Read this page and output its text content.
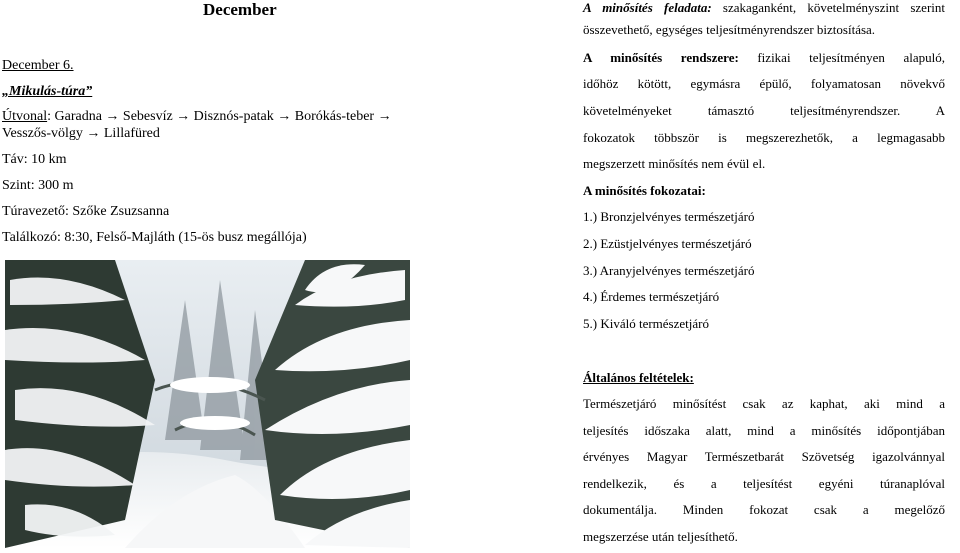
December
December 6.
„Mikulás-túra”
Útvonal: Garadna → Sebesvíz → Disznós-patak → Borókás-teber →
Vesszős-völgy → Lillafüred
Táv: 10 km
Szint: 300 m
Túravezető: Szőke Zsuzsanna
Találkozó: 8:30, Felső-Majláth (15-ös busz megállója)
A minősítés feladata: szakaganként, követelményszint szerint
összevethető, egységes teljesítményrendszer biztosítása.
A minősítés rendszere: fizikai teljesítményen alapuló,
időhöz kötött, egymásra épülő, folyamatosan növekvő
követelményeket támasztó teljesítményrendszer. A
fokozatok többször is megszerezhetők, a legmagasabb
megszerzett minősítés nem évül el.
A minősítés fokozatai:
1.) Bronzjelvényes természetjáró
2.) Ezüstjelvényes természetjáró
3.) Aranyjelvényes természetjáró
4.) Érdemes természetjáró
5.) Kiváló természetjáró
Általános feltételek:
Természetjáró minősítést csak az kaphat, aki mind a
teljesítés időszaka alatt, mind a minősítés időpontjában
érvényes Magyar Természetbarát Szövetség igazolvánnyal
rendelkezik, és a teljesítést egyéni túranaplóval
dokumentálja. Minden fokozat csak a megelőző
megszerzése után teljesíthető.
